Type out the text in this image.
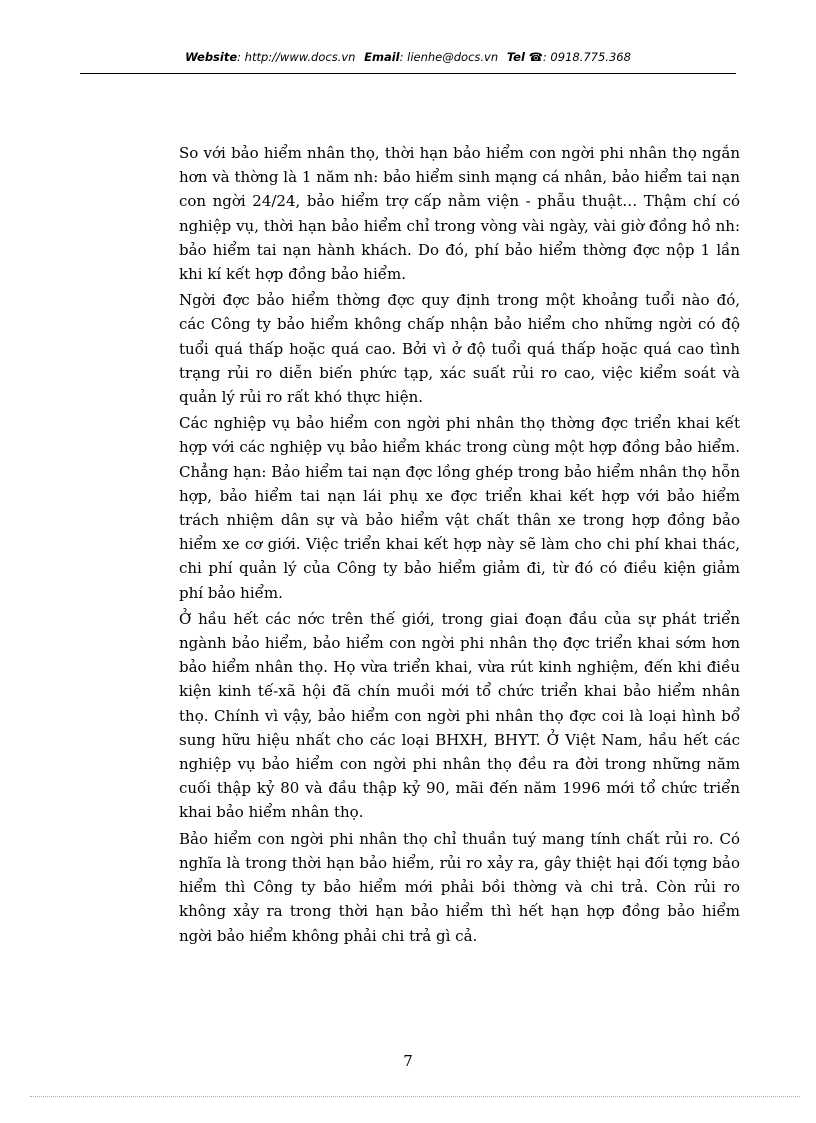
Website: http://www.docs.vn Email: lienhe@docs.vn Tel ☎: 0918.775.368

So với bảo hiểm nhân thọ, thời hạn bảo hiểm con ngời phi nhân thọ ngắn hơn và thờng là 1 năm nh: bảo hiểm sinh mạng cá nhân, bảo hiểm tai nạn con ngời 24/24, bảo hiểm trợ cấp nằm viện - phẫu thuật… Thậm chí có nghiệp vụ, thời hạn bảo hiểm chỉ trong vòng vài ngày, vài giờ đồng hồ nh: bảo hiểm tai nạn hành khách. Do đó, phí bảo hiểm thờng đợc nộp 1 lần khi kí kết hợp đồng bảo hiểm.

Ngời đợc bảo hiểm thờng đợc quy định trong một khoảng tuổi nào đó, các Công ty bảo hiểm không chấp nhận bảo hiểm cho những ngời có độ tuổi quá thấp hoặc quá cao. Bởi vì ở độ tuổi quá thấp hoặc quá cao tình trạng rủi ro diễn biến phức tạp, xác suất rủi ro cao, việc kiểm soát và quản lý rủi ro rất khó thực hiện.

Các nghiệp vụ bảo hiểm con ngời phi nhân thọ thờng đợc triển khai kết hợp với các nghiệp vụ bảo hiểm khác trong cùng một hợp đồng bảo hiểm. Chẳng hạn: Bảo hiểm tai nạn đợc lồng ghép trong bảo hiểm nhân thọ hỗn hợp, bảo hiểm tai nạn lái phụ xe đợc triển khai kết hợp với bảo hiểm trách nhiệm dân sự và bảo hiểm vật chất thân xe trong hợp đồng bảo hiểm xe cơ giới. Việc triển khai kết hợp này sẽ làm cho chi phí khai thác, chi phí quản lý của Công ty bảo hiểm giảm đi, từ đó có điều kiện giảm phí bảo hiểm.

Ở hầu hết các nớc trên thế giới, trong giai đoạn đầu của sự phát triển ngành bảo hiểm, bảo hiểm con ngời phi nhân thọ đợc triển khai sớm hơn bảo hiểm nhân thọ. Họ vừa triển khai, vừa rút kinh nghiệm, đến khi điều kiện kinh tế-xã hội đã chín muồi mới tổ chức triển khai bảo hiểm nhân thọ. Chính vì vậy, bảo hiểm con ngời phi nhân thọ đợc coi là loại hình bổ sung hữu hiệu nhất cho các loại BHXH, BHYT. Ở Việt Nam, hầu hết các nghiệp vụ bảo hiểm con ngời phi nhân thọ đều ra đời trong những năm cuối thập kỷ 80 và đầu thập kỷ 90, mãi đến năm 1996 mới tổ chức triển khai bảo hiểm nhân thọ.

Bảo hiểm con ngời phi nhân thọ chỉ thuần tuý mang tính chất rủi ro. Có nghĩa là trong thời hạn bảo hiểm, rủi ro xảy ra, gây thiệt hại đối tợng bảo hiểm thì Công ty bảo hiểm mới phải bồi thờng và chi trả. Còn rủi ro không xảy ra trong thời hạn bảo hiểm thì hết hạn hợp đồng bảo hiểm ngời bảo hiểm không phải chi trả gì cả.

7
